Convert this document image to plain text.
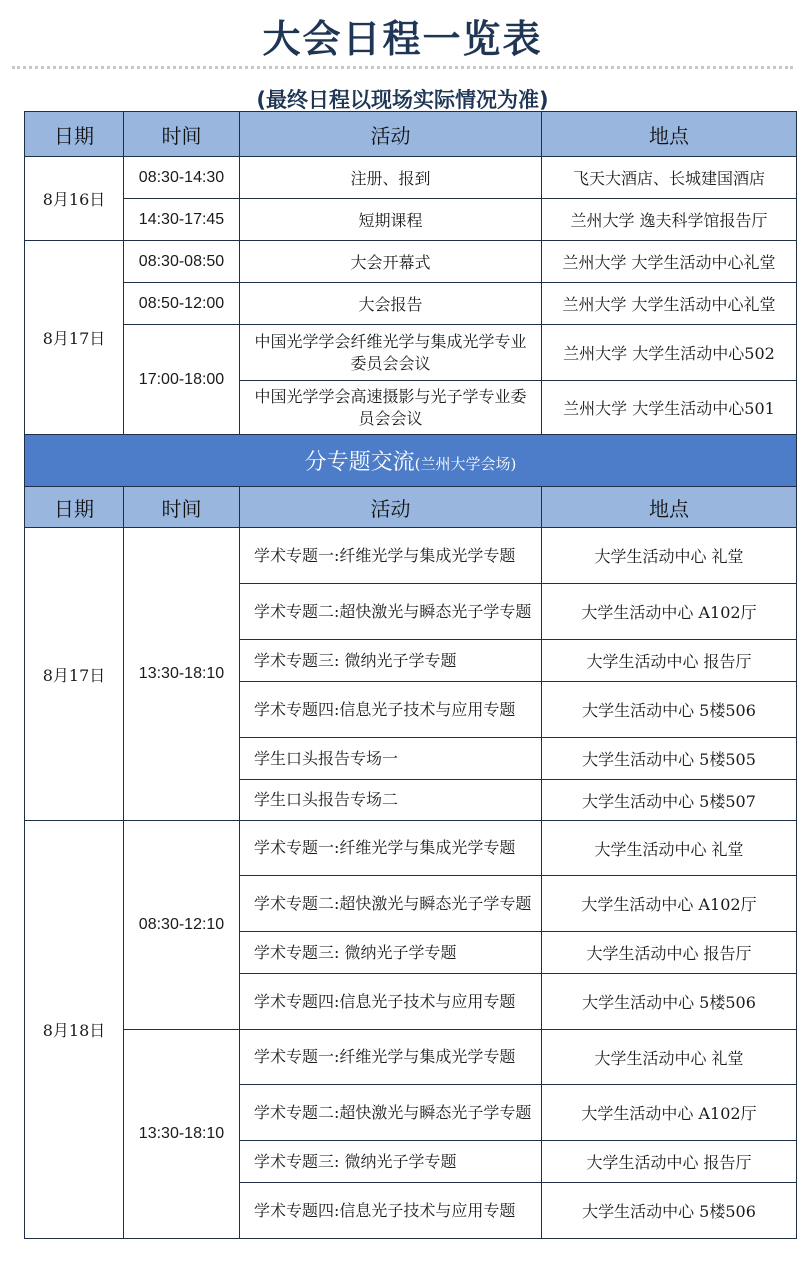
大会日程一览表
(最终日程以现场实际情况为准)
日期	时间	活动	地点
8月16日	08:30-14:30	注册、报到	飞天大酒店、长城建国酒店
	14:30-17:45	短期课程	兰州大学 逸夫科学馆报告厅
8月17日	08:30-08:50	大会开幕式	兰州大学 大学生活动中心礼堂
	08:50-12:00	大会报告	兰州大学 大学生活动中心礼堂
	17:00-18:00	中国光学学会纤维光学与集成光学专业委员会会议	兰州大学 大学生活动中心502
		中国光学学会高速摄影与光子学专业委员会会议	兰州大学 大学生活动中心501
分专题交流(兰州大学会场)			
日期	时间	活动	地点
8月17日	13:30-18:10	学术专题一:纤维光学与集成光学专题	大学生活动中心 礼堂
		学术专题二:超快激光与瞬态光子学专题	大学生活动中心 A102厅
		学术专题三: 微纳光子学专题	大学生活动中心 报告厅
		学术专题四:信息光子技术与应用专题	大学生活动中心 5楼506
		学生口头报告专场一	大学生活动中心 5楼505
		学生口头报告专场二	大学生活动中心 5楼507
8月18日	08:30-12:10	学术专题一:纤维光学与集成光学专题	大学生活动中心 礼堂
		学术专题二:超快激光与瞬态光子学专题	大学生活动中心 A102厅
		学术专题三: 微纳光子学专题	大学生活动中心 报告厅
		学术专题四:信息光子技术与应用专题	大学生活动中心 5楼506
	13:30-18:10	学术专题一:纤维光学与集成光学专题	大学生活动中心 礼堂
		学术专题二:超快激光与瞬态光子学专题	大学生活动中心 A102厅
		学术专题三: 微纳光子学专题	大学生活动中心 报告厅
		学术专题四:信息光子技术与应用专题	大学生活动中心 5楼506
